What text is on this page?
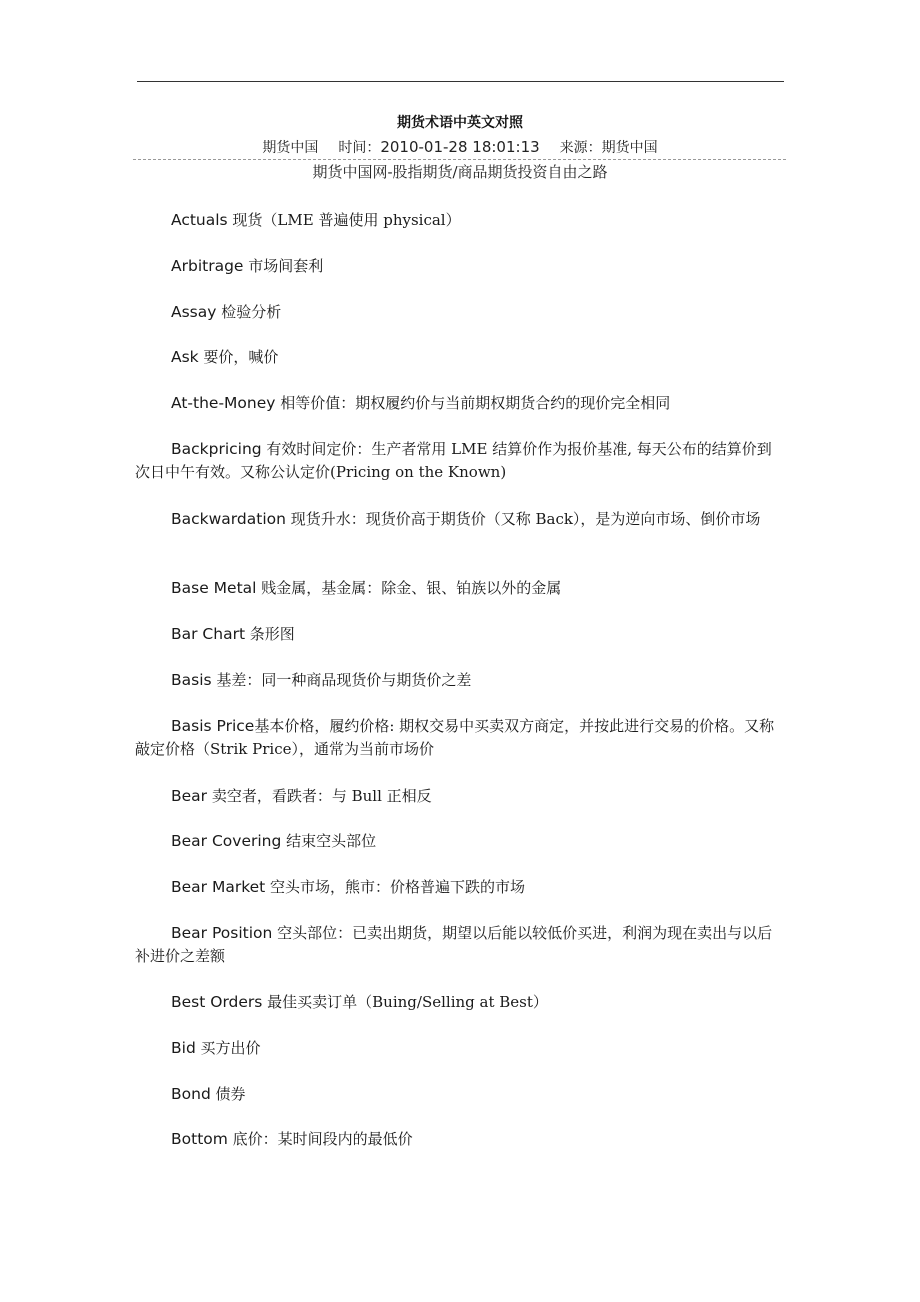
期货术语中英文对照
期货中国 时间：2010-01-28 18:01:13 来源：期货中国
期货中国网-股指期货/商品期货投资自由之路
Actuals 现货（LME 普遍使用 physical）
Arbitrage 市场间套利
Assay 检验分析
Ask 要价，喊价
At-the-Money 相等价值：期权履约价与当前期权期货合约的现价完全相同
Backpricing 有效时间定价：生产者常用 LME 结算价作为报价基准, 每天公布的结算价到次日中午有效。又称公认定价(Pricing on the Known)
Backwardation 现货升水：现货价高于期货价（又称 Back），是为逆向市场、倒价市场
Base Metal 贱金属，基金属：除金、银、铂族以外的金属
Bar Chart 条形图
Basis 基差：同一种商品现货价与期货价之差
Basis Price基本价格，履约价格: 期权交易中买卖双方商定，并按此进行交易的价格。又称敲定价格（Strik Price），通常为当前市场价
Bear 卖空者，看跌者：与 Bull 正相反
Bear Covering 结束空头部位
Bear Market 空头市场，熊市：价格普遍下跌的市场
Bear Position 空头部位：已卖出期货，期望以后能以较低价买进，利润为现在卖出与以后补进价之差额
Best Orders 最佳买卖订单（Buing/Selling at Best）
Bid 买方出价
Bond 债券
Bottom 底价：某时间段内的最低价
